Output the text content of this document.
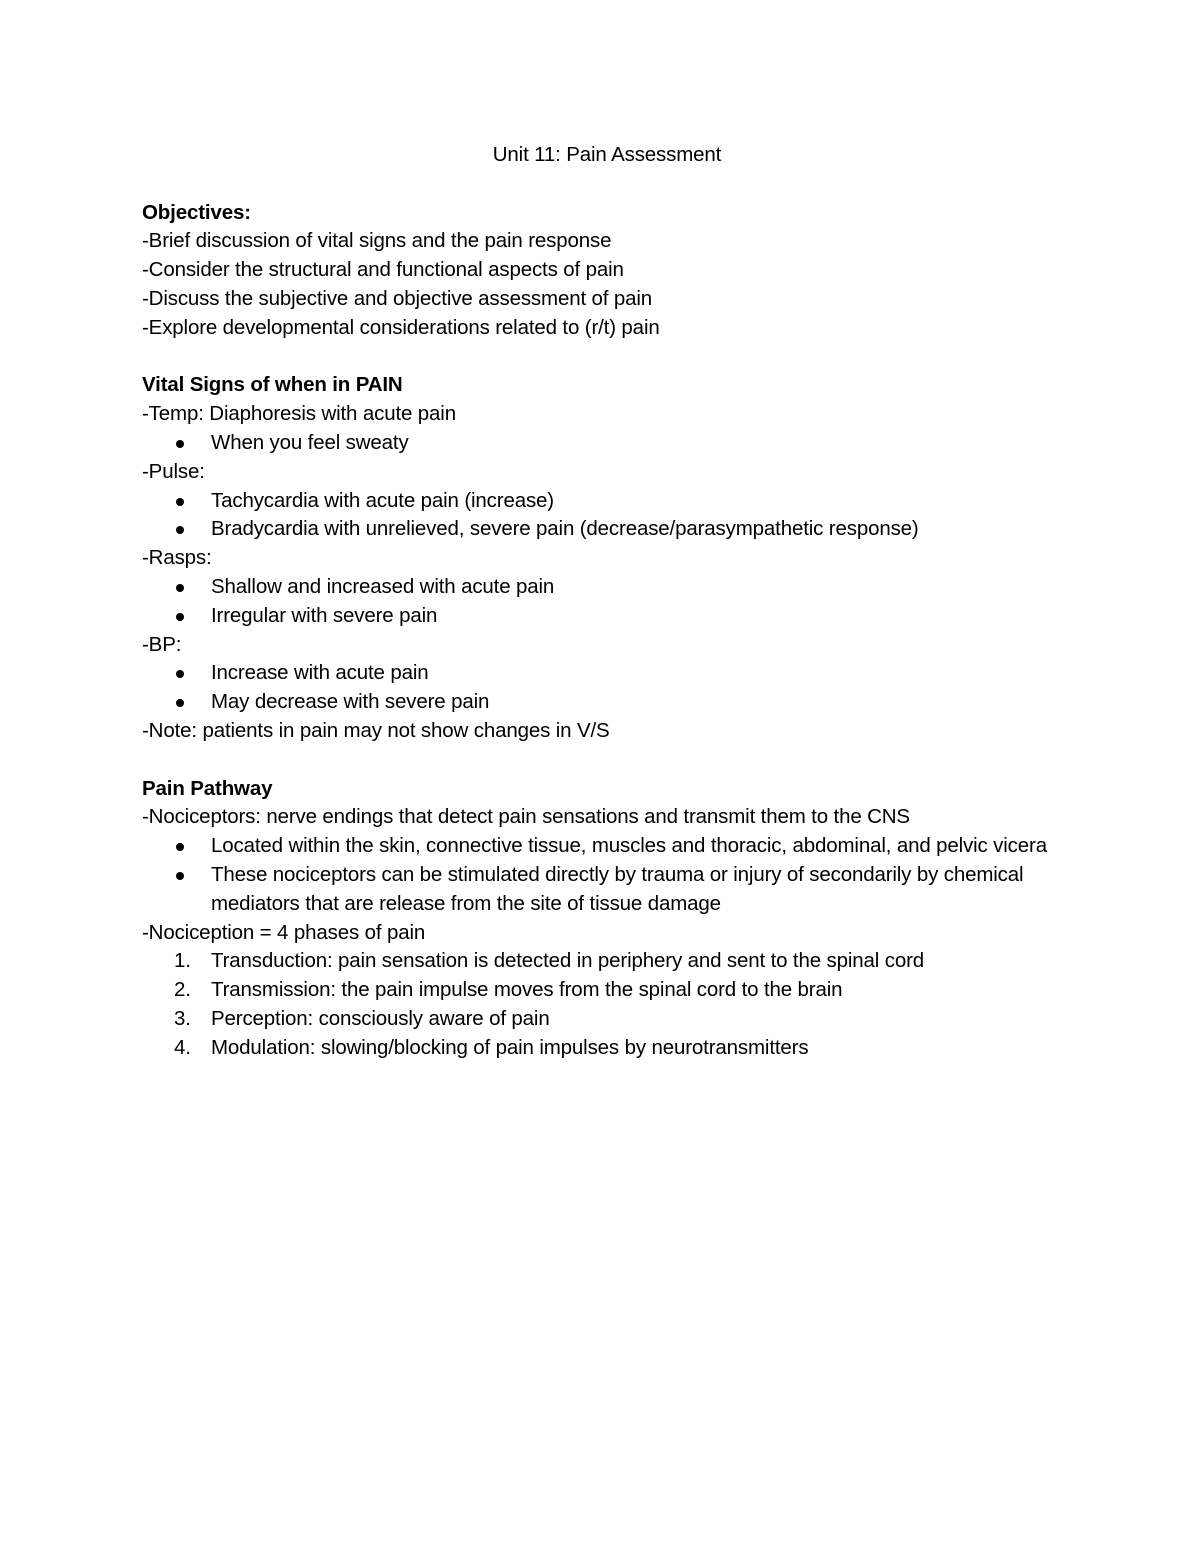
Unit 11: Pain Assessment

Objectives:

-Brief discussion of vital signs and the pain response

-Consider the structural and functional aspects of pain

-Discuss the subjective and objective assessment of pain

-Explore developmental considerations related to (r/t) pain

Vital Signs of when in PAIN

-Temp: Diaphoresis with acute pain

When you feel sweaty

-Pulse:

Tachycardia with acute pain (increase)
Bradycardia with unrelieved, severe pain (decrease/parasympathetic response)

-Rasps:

Shallow and increased with acute pain
Irregular with severe pain

-BP:

Increase with acute pain
May decrease with severe pain

-Note: patients in pain may not show changes in V/S

Pain Pathway

-Nociceptors: nerve endings that detect pain sensations and transmit them to the CNS

Located within the skin, connective tissue, muscles and thoracic, abdominal, and pelvic vicera
These nociceptors can be stimulated directly by trauma or injury of secondarily by chemical mediators that are release from the site of tissue damage

-Nociception = 4 phases of pain

1. Transduction: pain sensation is detected in periphery and sent to the spinal cord
2. Transmission: the pain impulse moves from the spinal cord to the brain
3. Perception: consciously aware of pain
4. Modulation: slowing/blocking of pain impulses by neurotransmitters
